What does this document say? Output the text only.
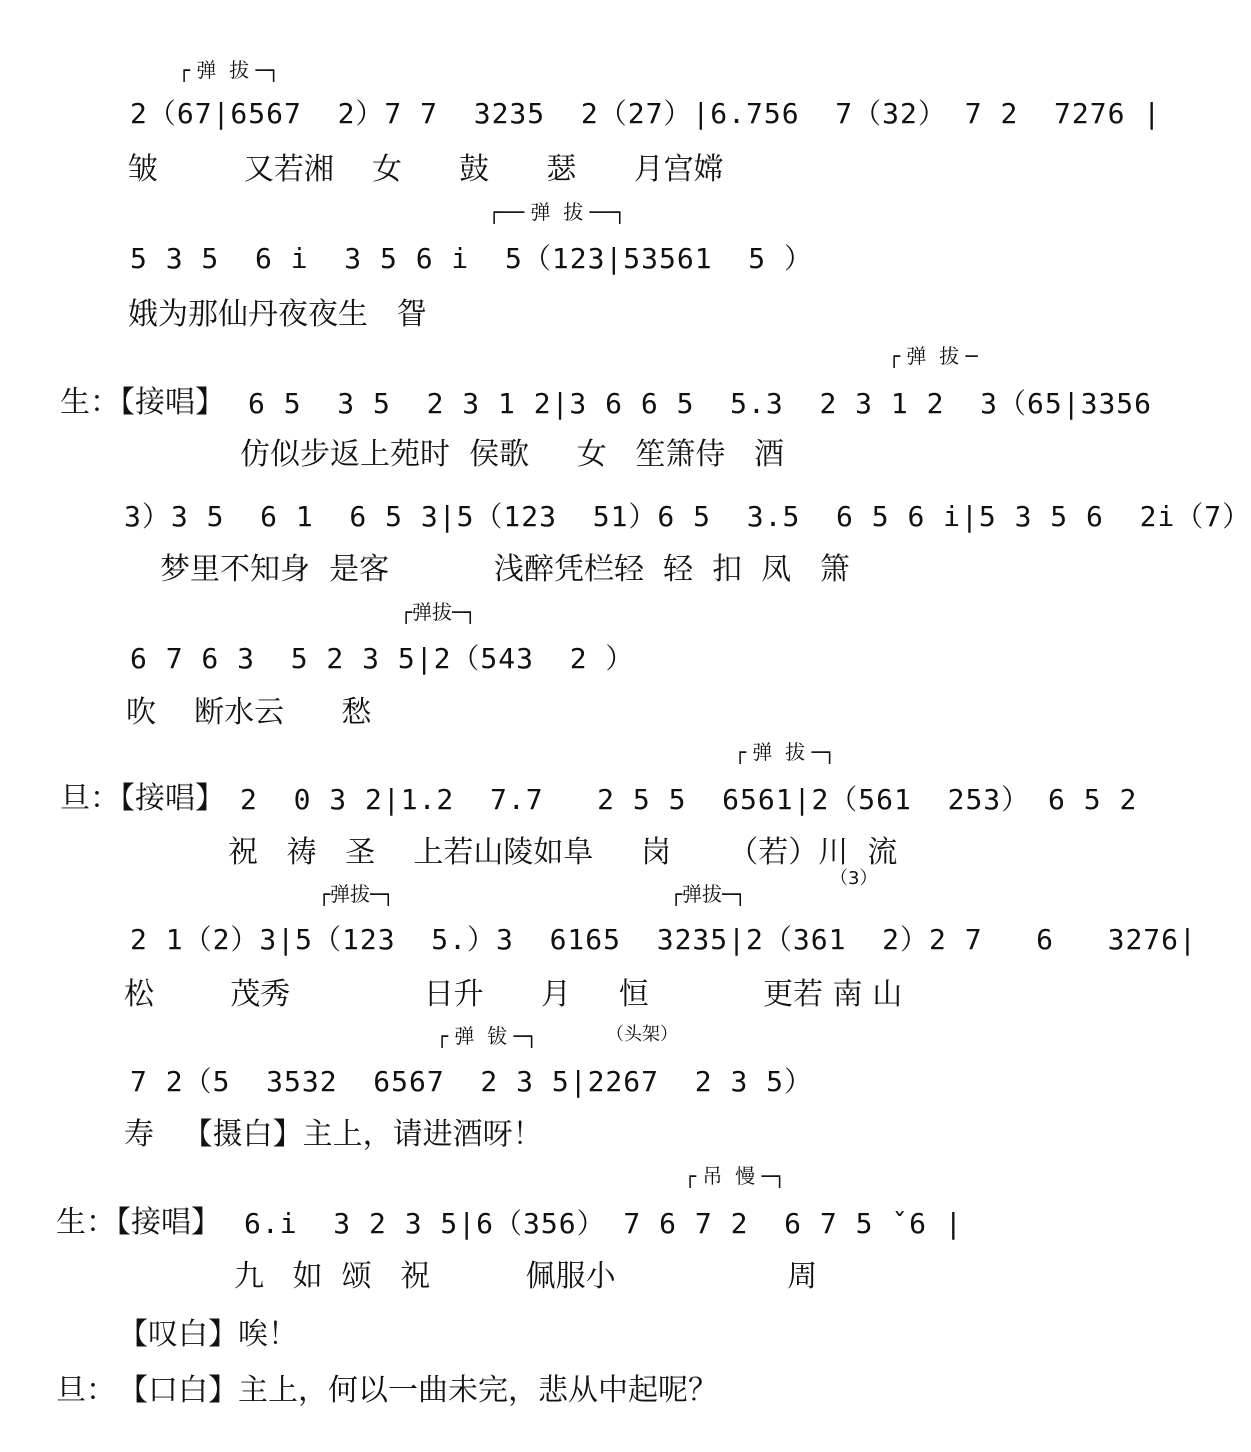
┌ 弹  拔 ─┐
2（67|6567  2）7 7  3235  2（27）|6.756  7（32） 7 2  7276 |
皱         又若湘    女      鼓      瑟      月宫嫦
┌── 弹  拔 ──┐
5 3 5  6 i  3 5 6 i  5（123|53561  5 ）
娥为那仙丹夜夜生   眢
┌ 弹  拔 ─
生：【接唱】 6 5  3 5  2 3 1 2|3 6 6 5  5.3  2 3 1 2  3（65|3356
仿似步返上苑时  侯歌     女   笙箫侍   酒
3）3 5  6 1  6 5 3|5（123  51）6 5  3.5  6 5 6 i|5 3 5 6  2i（7）
梦里不知身  是客           浅醉凭栏轻  轻  扣  凤   箫
┌弹拔─┐
6 7 6 3  5 2 3 5|2（543  2 ）
吹    断水云      愁
┌ 弹  拔 ─┐
旦：【接唱】 2  0 3 2|1.2  7.7   2 5 5  6561|2（561  253） 6 5 2
祝   祷   圣    上若山陵如阜     岗      （若）川  流
（3）
┌弹拔─┐	┌弹拔─┐
2 1（2）3|5（123  5.）3  6165  3235|2（361  2）2 7   6   3276|
松        茂秀              日升      月     恒            更若 南 山
┌ 弹  钹 ─┐	（头架）
7 2（5  3532  6567  2 3 5|2267  2 3 5）
寿   【摄白】主上，请进酒呀！
┌ 吊  慢 ─┐
生：【接唱】 6.i  3 2 3 5|6（356） 7 6 7 2  6 7 5 ˇ6 |
九   如  颂   祝          佩服小                  周
【叹白】唉！
旦： 【口白】主上，何以一曲未完，悲从中起呢？
